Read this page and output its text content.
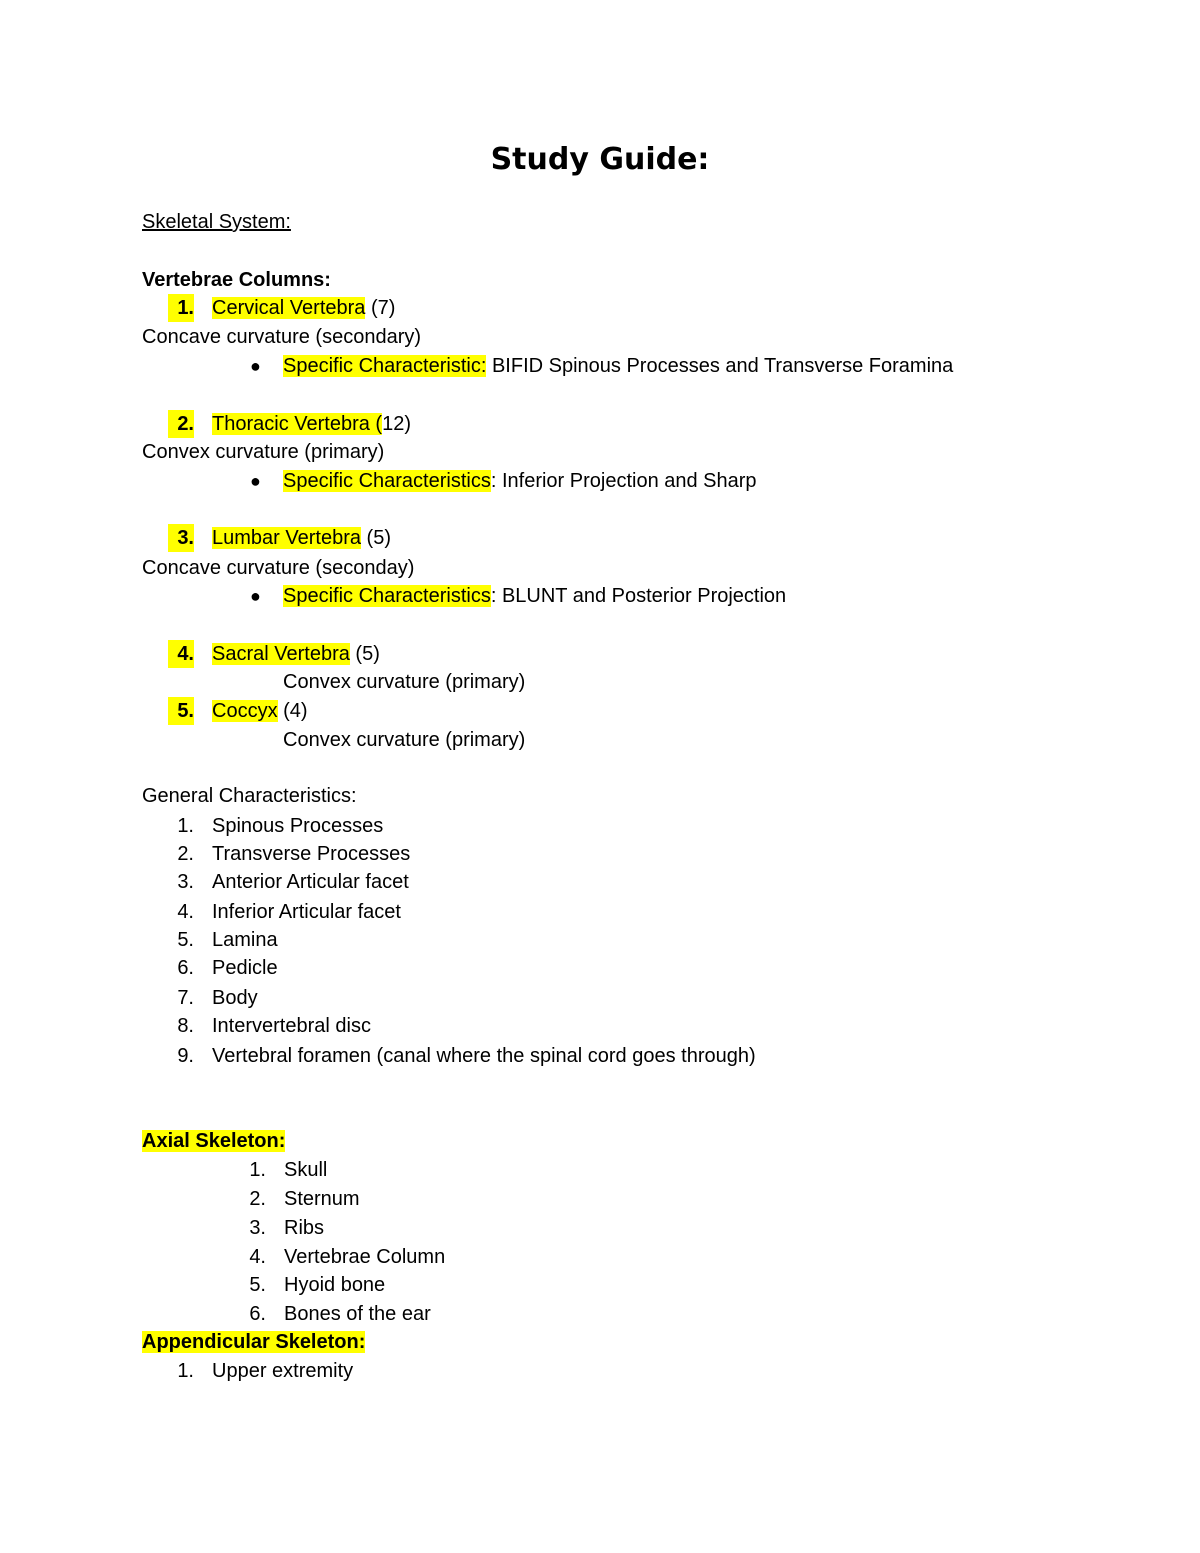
Study Guide:
Skeletal System:
Vertebrae Columns:
1. Cervical Vertebra (7)
Concave curvature (secondary)
● Specific Characteristic: BIFID Spinous Processes and Transverse Foramina
2. Thoracic Vertebra (12)
Convex curvature (primary)
● Specific Characteristics: Inferior Projection and Sharp
3. Lumbar Vertebra (5)
Concave curvature (seconday)
● Specific Characteristics: BLUNT and Posterior Projection
4. Sacral Vertebra (5)
Convex curvature (primary)
5. Coccyx (4)
Convex curvature (primary)
General Characteristics:
1. Spinous Processes
2. Transverse Processes
3. Anterior Articular facet
4. Inferior Articular facet
5. Lamina
6. Pedicle
7. Body
8. Intervertebral disc
9. Vertebral foramen (canal where the spinal cord goes through)
Axial Skeleton:
1. Skull
2. Sternum
3. Ribs
4. Vertebrae Column
5. Hyoid bone
6. Bones of the ear
Appendicular Skeleton:
1. Upper extremity
